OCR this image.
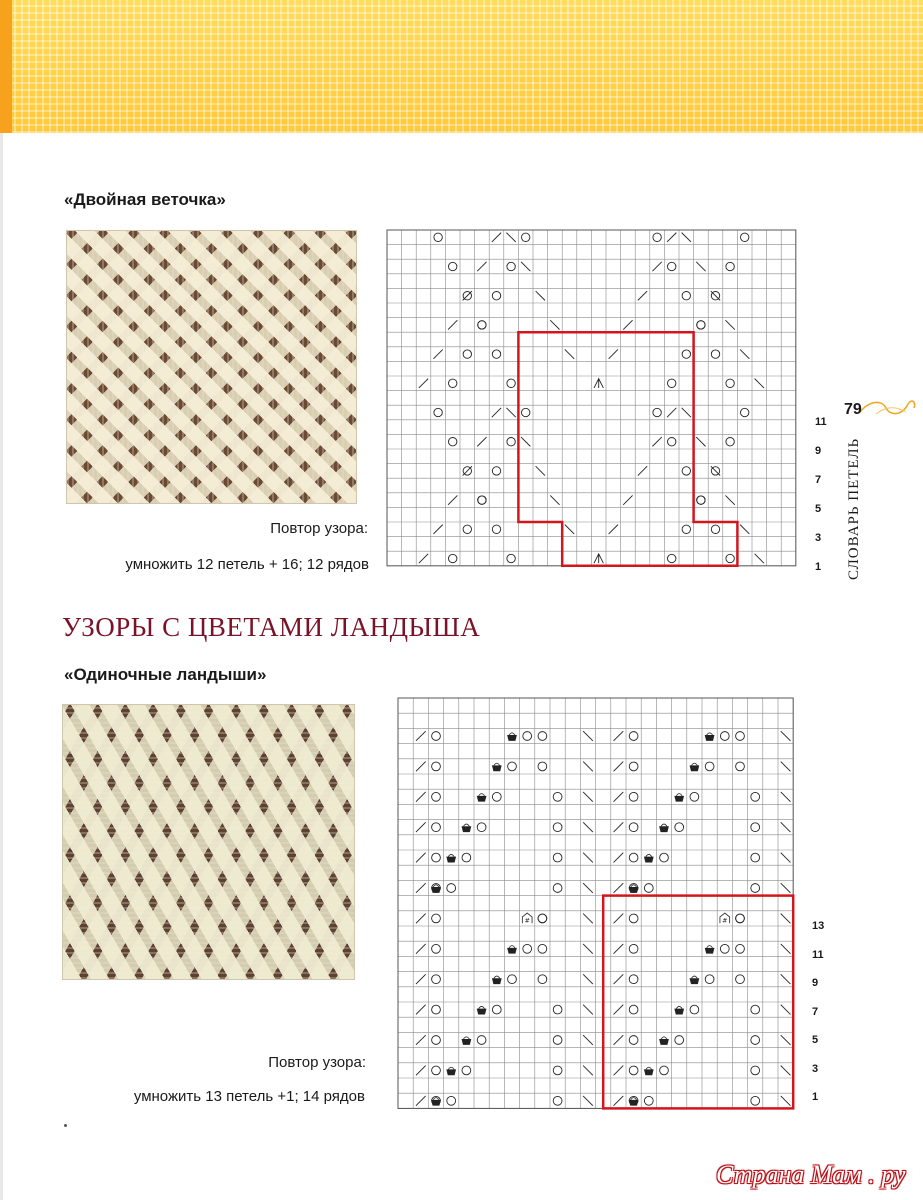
«Двойная веточка»
11
9
7
5
3
1
Повтор узора:
умножить 12 петель + 16; 12 рядов
УЗОРЫ С ЦВЕТАМИ ЛАНДЫША
«Одиночные ландыши»
#	#	13
11
9
7
5
3
1
Повтор узора:
умножить 13 петель +1; 14 рядов
СЛОВАРЬ ПЕТЕЛЬ
79
Страна Мам . ру
